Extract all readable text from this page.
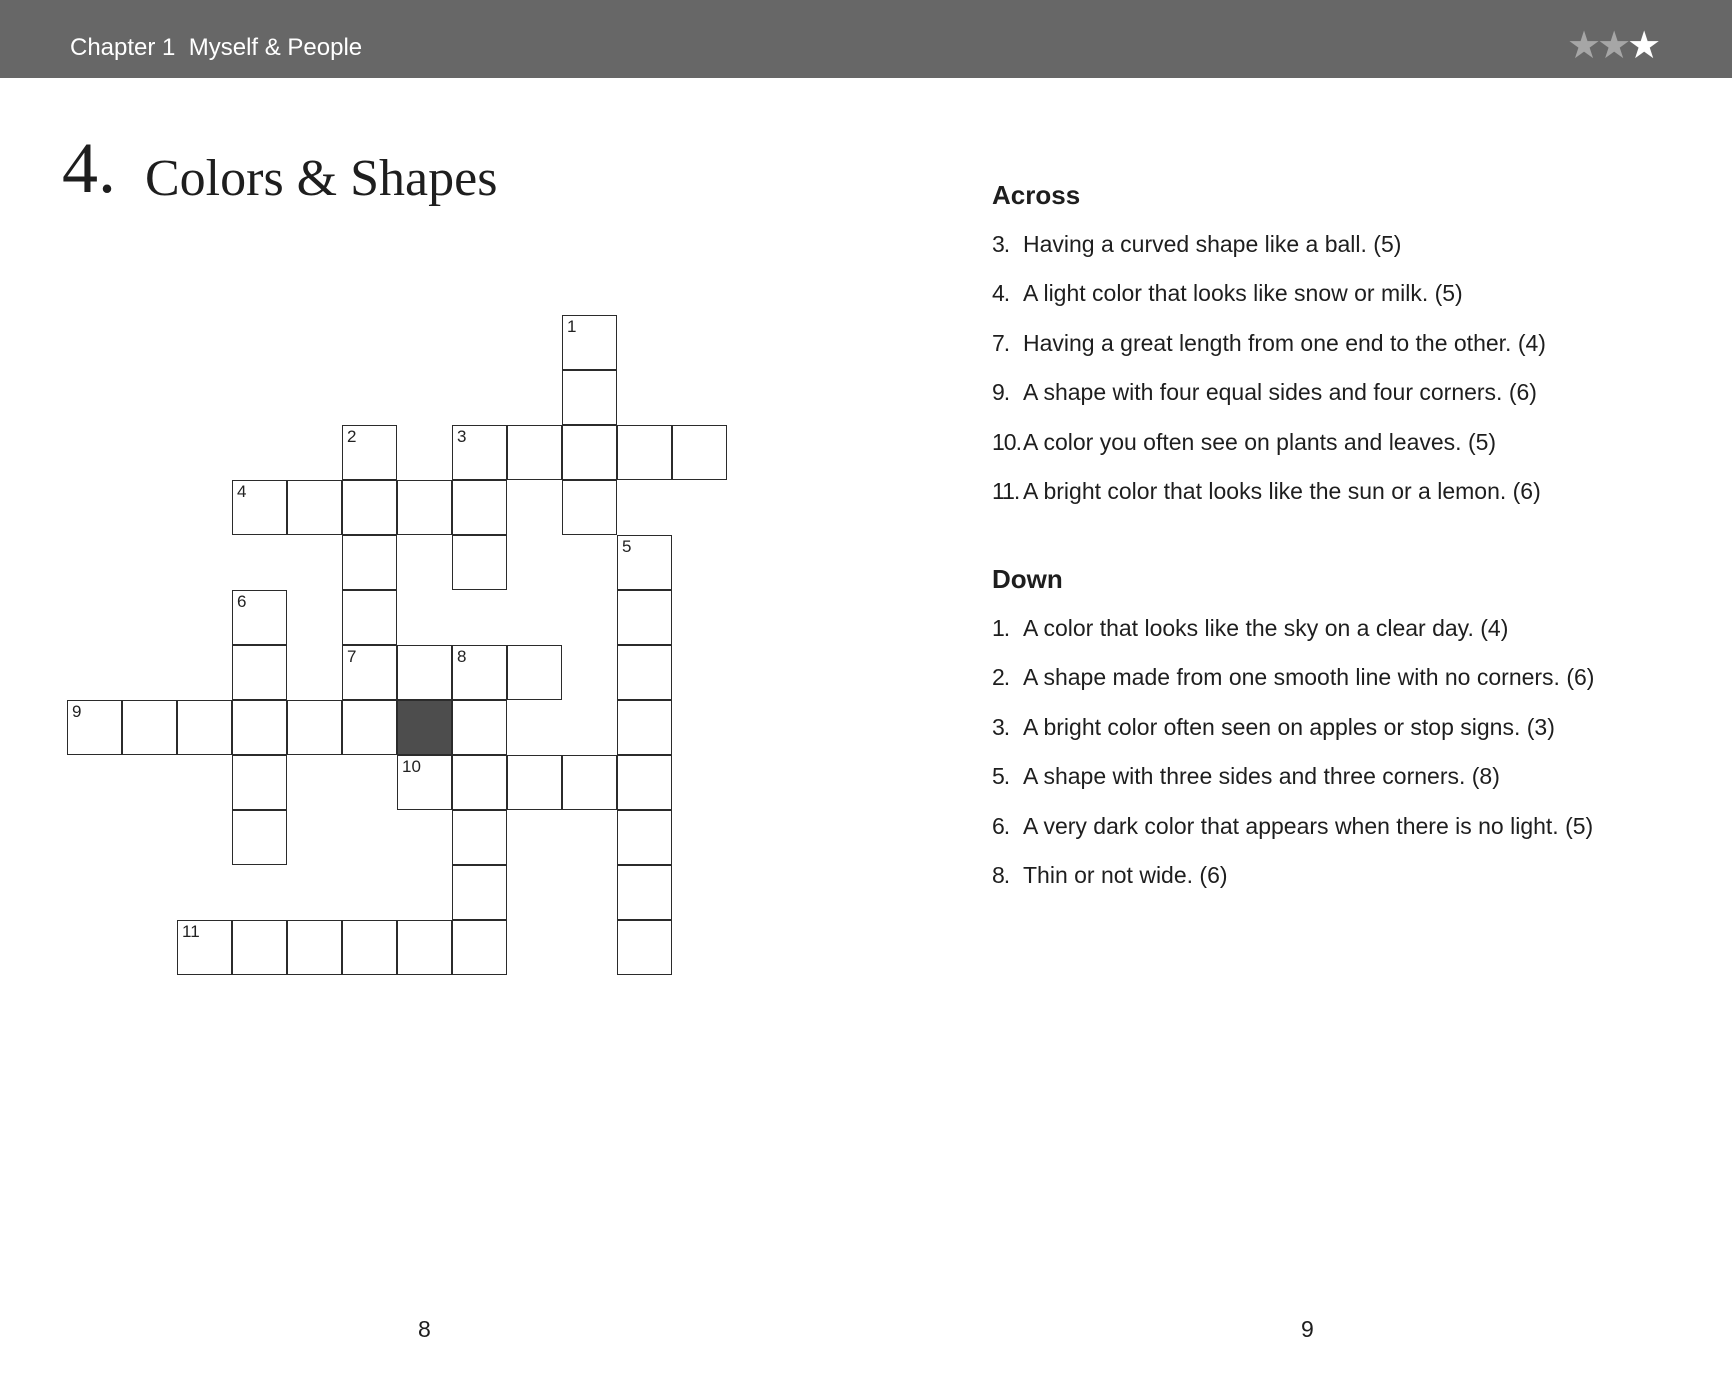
Chapter 1  Myself & People	★★★
4. Colors & Shapes
1
2	3
4
5
6
7	8
9
10
11
Across
3. Having a curved shape like a ball. (5)
4. A light color that looks like snow or milk. (5)
7. Having a great length from one end to the other. (4)
9. A shape with four equal sides and four corners. (6)
10. A color you often see on plants and leaves. (5)
11. A bright color that looks like the sun or a lemon. (6)
Down
1. A color that looks like the sky on a clear day. (4)
2. A shape made from one smooth line with no corners. (6)
3. A bright color often seen on apples or stop signs. (3)
5. A shape with three sides and three corners. (8)
6. A very dark color that appears when there is no light. (5)
8. Thin or not wide. (6)
8	9
